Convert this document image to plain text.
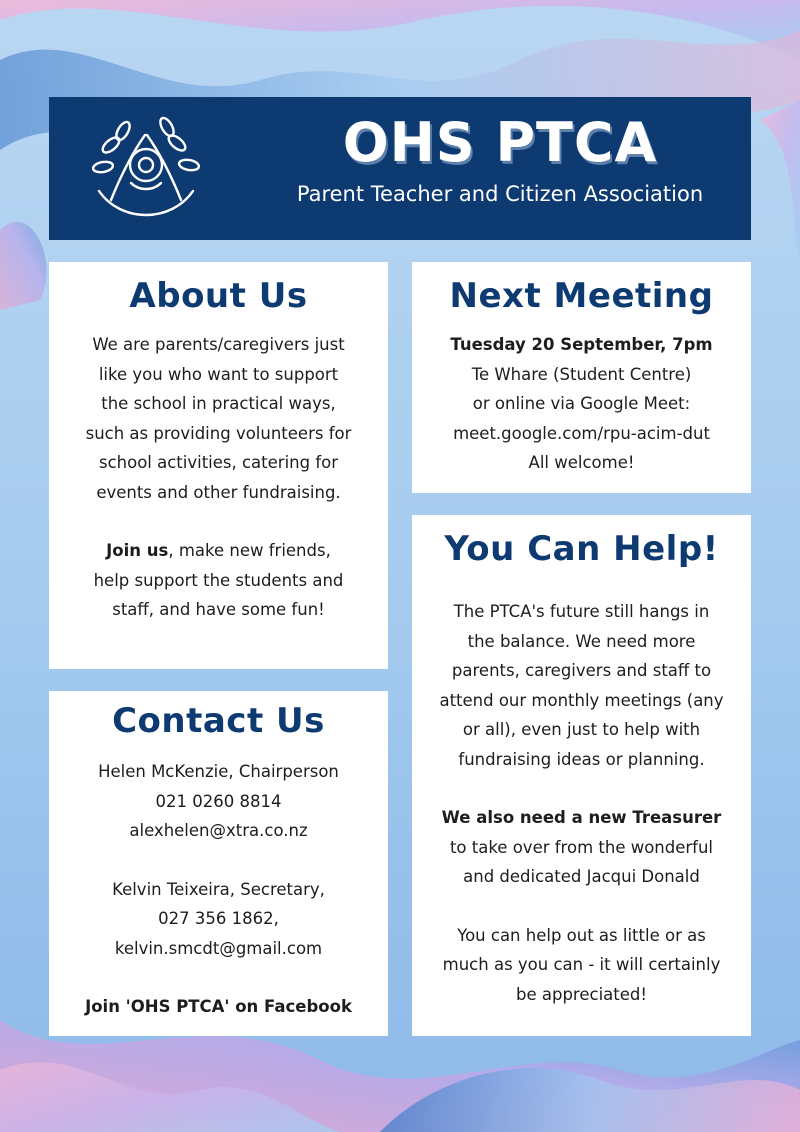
OHS PTCA
Parent Teacher and Citizen Association
About Us
We are parents/caregivers just
like you who want to support
the school in practical ways,
such as providing volunteers for
school activities, catering for
events and other fundraising.
Join us, make new friends,
help support the students and
staff, and have some fun!
Next Meeting
Tuesday 20 September, 7pm
Te Whare (Student Centre)
or online via Google Meet:
meet.google.com/rpu-acim-dut
All welcome!
Contact Us
Helen McKenzie, Chairperson
021 0260 8814
alexhelen@xtra.co.nz
Kelvin Teixeira, Secretary,
027 356 1862,
kelvin.smcdt@gmail.com
Join 'OHS PTCA' on Facebook
You Can Help!
The PTCA's future still hangs in
the balance. We need more
parents, caregivers and staff to
attend our monthly meetings (any
or all), even just to help with
fundraising ideas or planning.
We also need a new Treasurer
to take over from the wonderful
and dedicated Jacqui Donald
You can help out as little or as
much as you can - it will certainly
be appreciated!
